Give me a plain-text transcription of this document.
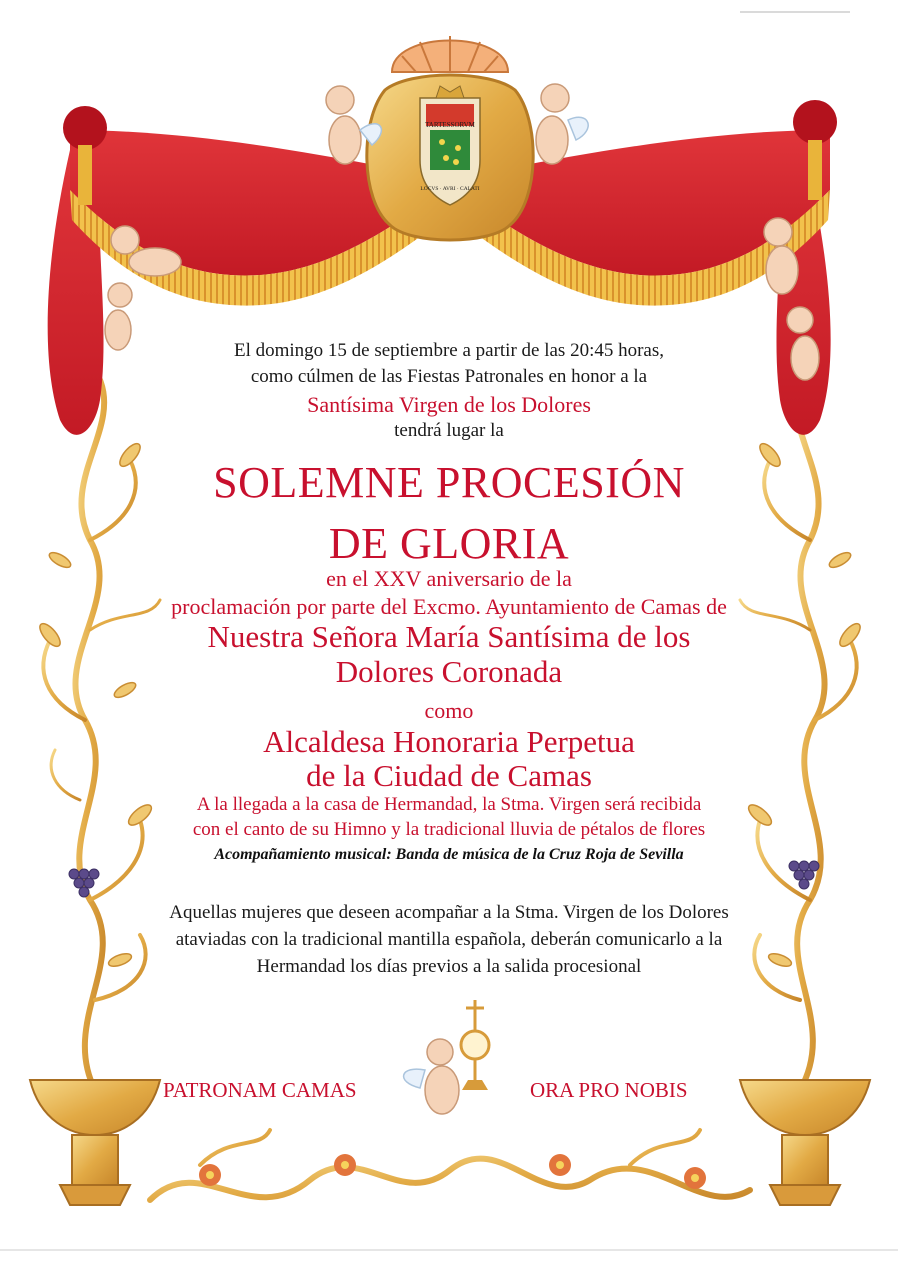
TARTESSORVM
LOCVS · AVRI · CALATI

El domingo 15 de septiembre a partir de las 20:45 horas,

como cúlmen de las Fiestas Patronales en honor a la

Santísima Virgen de los Dolores

tendrá lugar la

SOLEMNE PROCESIÓN
DE GLORIA

en el XXV aniversario de la

proclamación por parte del Excmo. Ayuntamiento de Camas de

Nuestra Señora María Santísima de los

Dolores Coronada

como

Alcaldesa Honoraria Perpetua

de la Ciudad de Camas

A la llegada a la casa de Hermandad, la Stma. Virgen será recibida

con el canto de su Himno y la tradicional lluvia de pétalos de flores

Acompañamiento musical: Banda de música de la Cruz Roja de Sevilla

Aquellas mujeres que deseen acompañar a la Stma. Virgen de los Dolores

ataviadas con la tradicional mantilla española, deberán comunicarlo a la

Hermandad los días previos a la salida procesional

PATRONAM CAMAS	ORA PRO NOBIS
